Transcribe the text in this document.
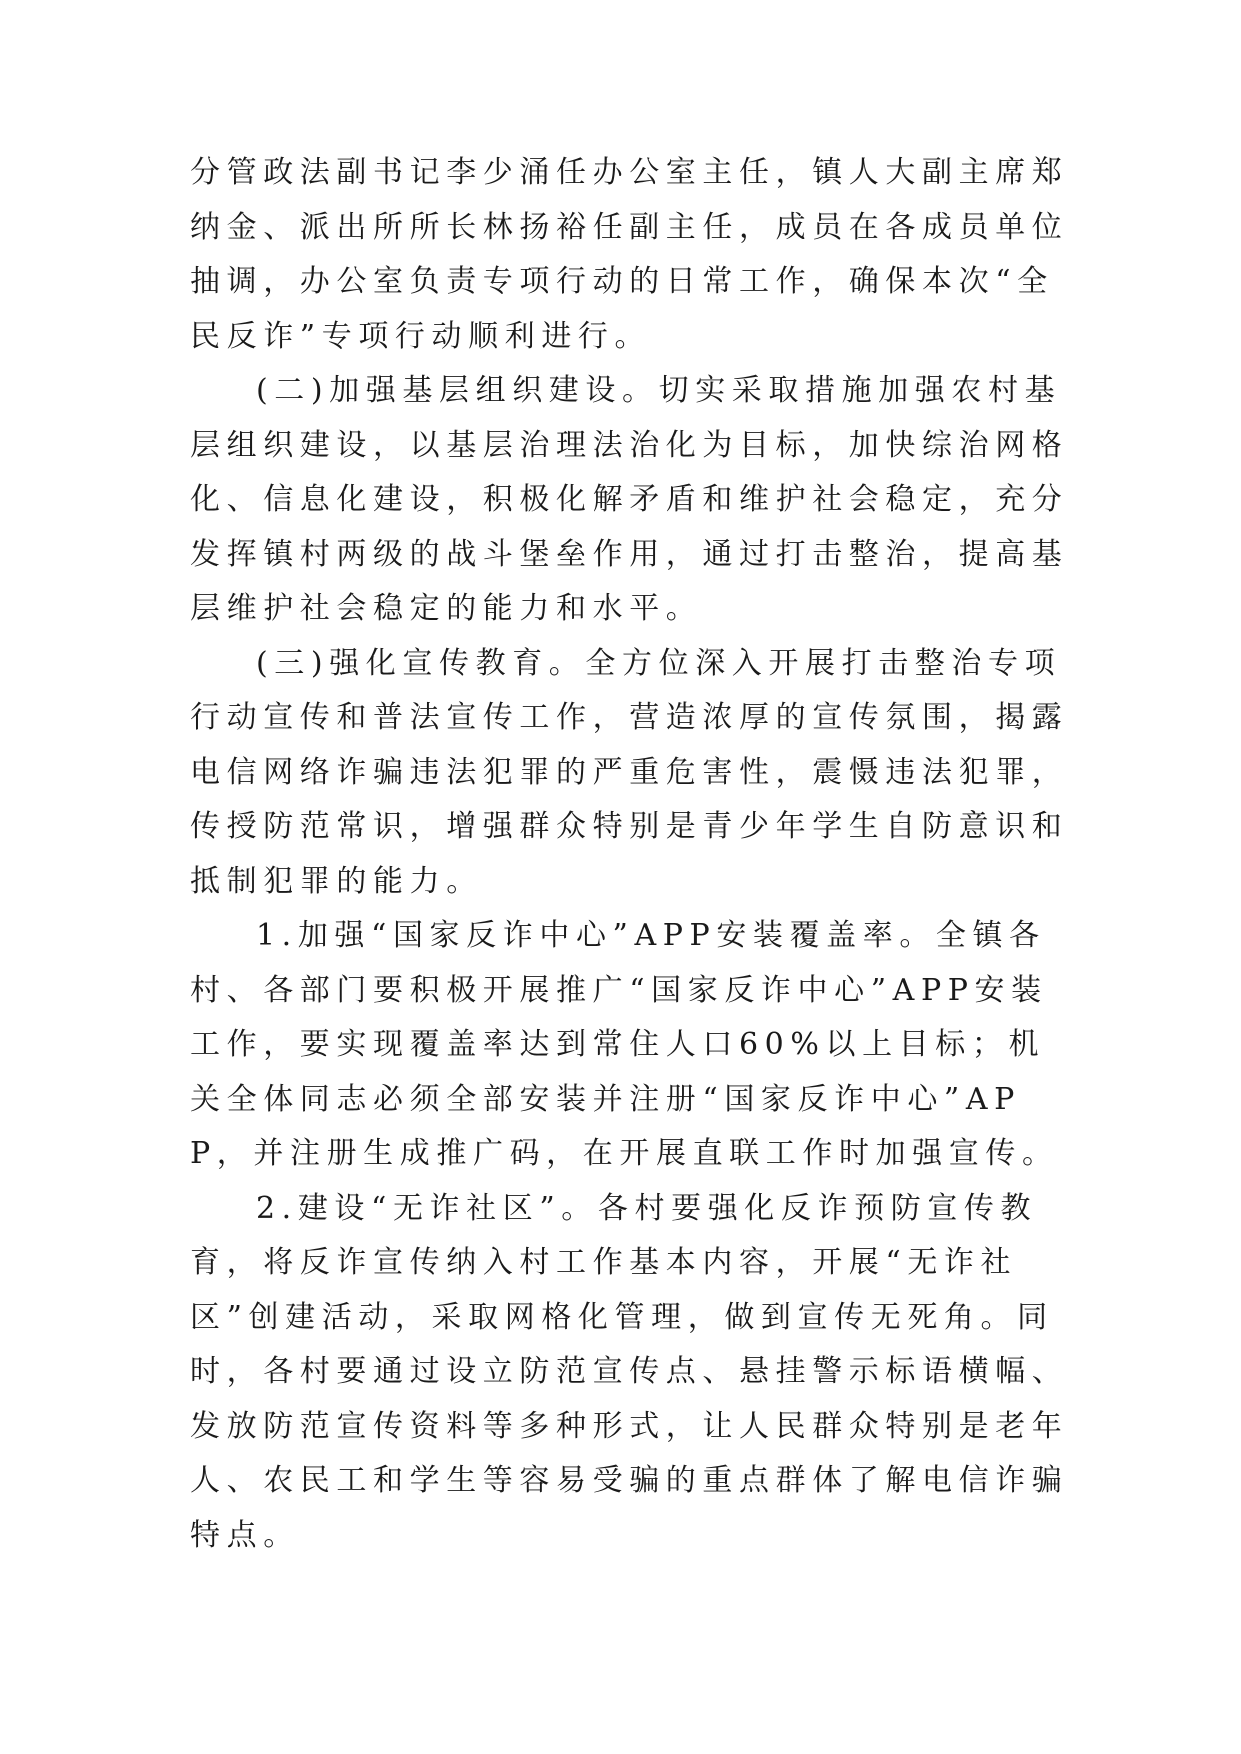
分管政法副书记李少涌任办公室主任，镇人大副主席郑纳金、派出所所长林扬裕任副主任，成员在各成员单位抽调，办公室负责专项行动的日常工作，确保本次“全民反诈”专项行动顺利进行。

(二)加强基层组织建设。切实采取措施加强农村基层组织建设，以基层治理法治化为目标，加快综治网格化、信息化建设，积极化解矛盾和维护社会稳定，充分发挥镇村两级的战斗堡垒作用，通过打击整治，提高基层维护社会稳定的能力和水平。

(三)强化宣传教育。全方位深入开展打击整治专项行动宣传和普法宣传工作，营造浓厚的宣传氛围，揭露电信网络诈骗违法犯罪的严重危害性，震慑违法犯罪，传授防范常识，增强群众特别是青少年学生自防意识和抵制犯罪的能力。

1.加强“国家反诈中心”APP安装覆盖率。全镇各村、各部门要积极开展推广“国家反诈中心”APP安装工作，要实现覆盖率达到常住人口60%以上目标；机关全体同志必须全部安装并注册“国家反诈中心”APP，并注册生成推广码，在开展直联工作时加强宣传。

2.建设“无诈社区”。各村要强化反诈预防宣传教育，将反诈宣传纳入村工作基本内容，开展“无诈社区”创建活动，采取网格化管理，做到宣传无死角。同时，各村要通过设立防范宣传点、悬挂警示标语横幅、发放防范宣传资料等多种形式，让人民群众特别是老年人、农民工和学生等容易受骗的重点群体了解电信诈骗特点。
